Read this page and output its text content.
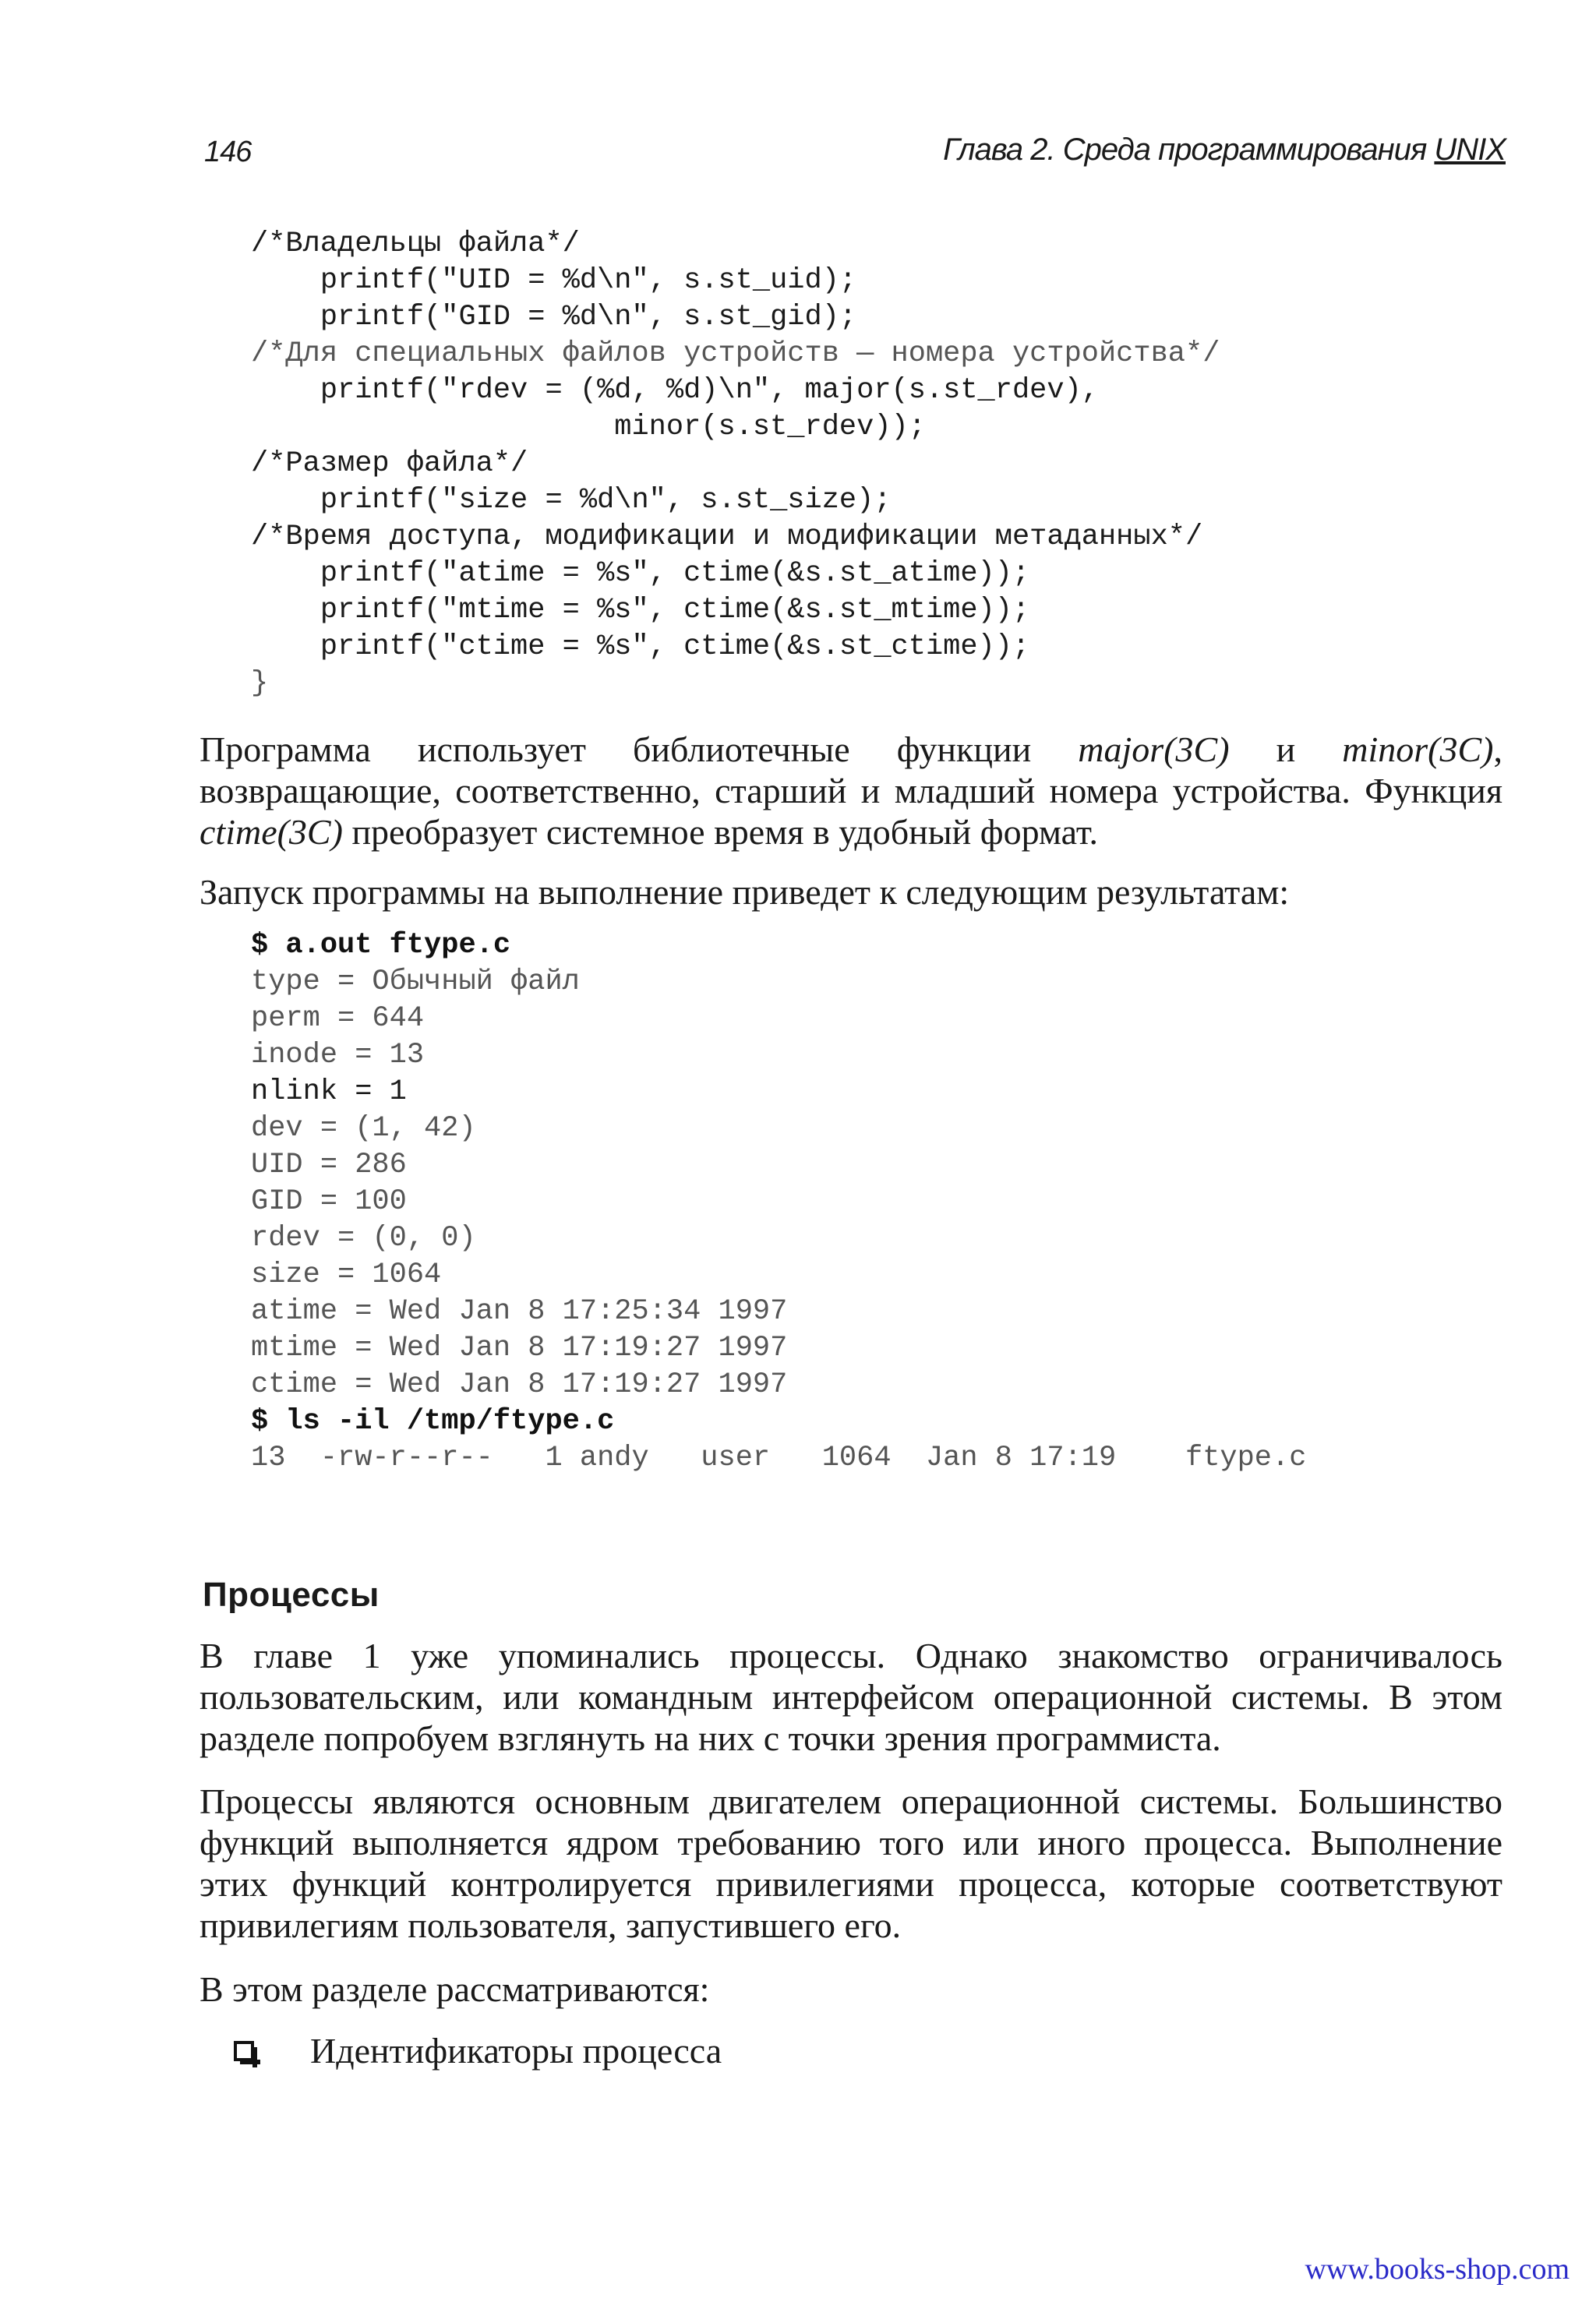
146	Глава 2. Среда программирования UNIX
/*Владельцы файла*/
printf("UID = %d\n", s.st_uid);
printf("GID = %d\n", s.st_gid);
/*Для специальных файлов устройств — номера устройства*/
printf("rdev = (%d, %d)\n", major(s.st_rdev),
minor(s.st_rdev));
/*Размер файла*/
printf("size = %d\n", s.st_size);
/*Время доступа, модификации и модификации метаданных*/
printf("atime = %s", ctime(&s.st_atime));
printf("mtime = %s", ctime(&s.st_mtime));
printf("ctime = %s", ctime(&s.st_ctime));
}

Программа использует библиотечные функции major(3C) и minor(3C), возвращающие, соответственно, старший и младший номера устройства. Функция ctime(3C) преобразует системное время в удобный формат.

Запуск программы на выполнение приведет к следующим результатам:

$ a.out ftype.c
type = Обычный файл
perm = 644
inode = 13
nlink = 1
dev = (1, 42)
UID = 286
GID = 100
rdev = (0, 0)
size = 1064
atime = Wed Jan 8 17:25:34 1997
mtime = Wed Jan 8 17:19:27 1997
ctime = Wed Jan 8 17:19:27 1997
$ ls -il /tmp/ftype.c
13  -rw-r--r--   1 andy   user   1064  Jan 8 17:19    ftype.c
Процессы

В главе 1 уже упоминались процессы. Однако знакомство ограничивалось пользовательским, или командным интерфейсом операционной системы. В этом разделе попробуем взглянуть на них с точки зрения программиста.

Процессы являются основным двигателем операционной системы. Большинство функций выполняется ядром требованию того или иного процесса. Выполнение этих функций контролируется привилегиями процесса, которые соответствуют привилегиям пользователя, запустившего его.

В этом разделе рассматриваются:

Идентификаторы процесса
www.books-shop.com
